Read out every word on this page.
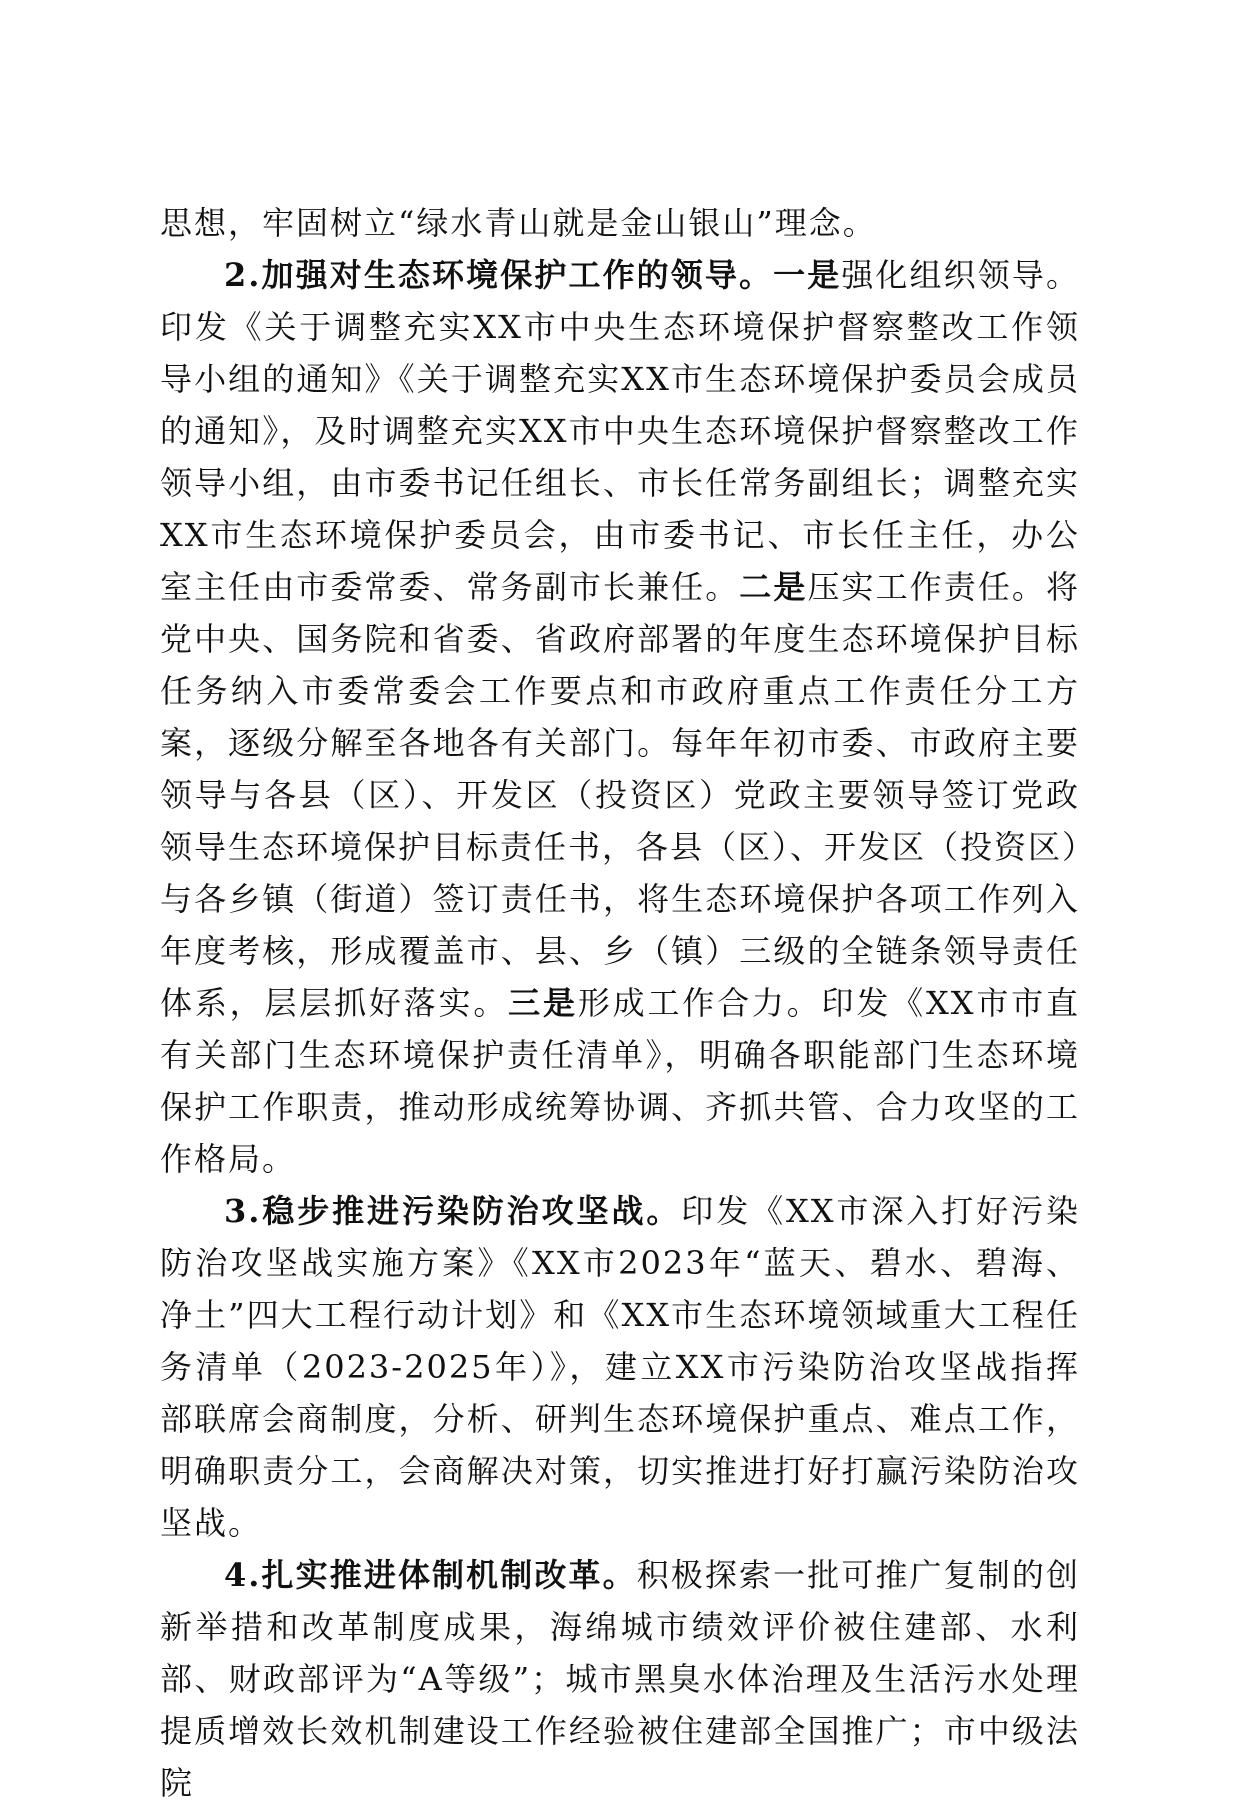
思想，牢固树立“绿水青山就是金山银山”理念。

2.加强对生态环境保护工作的领导。一是强化组织领导。印发《关于调整充实XX市中央生态环境保护督察整改工作领导小组的通知》《关于调整充实XX市生态环境保护委员会成员的通知》，及时调整充实XX市中央生态环境保护督察整改工作领导小组，由市委书记任组长、市长任常务副组长；调整充实XX市生态环境保护委员会，由市委书记、市长任主任，办公室主任由市委常委、常务副市长兼任。二是压实工作责任。将党中央、国务院和省委、省政府部署的年度生态环境保护目标任务纳入市委常委会工作要点和市政府重点工作责任分工方案，逐级分解至各地各有关部门。每年年初市委、市政府主要领导与各县（区）、开发区（投资区）党政主要领导签订党政领导生态环境保护目标责任书，各县（区）、开发区（投资区）与各乡镇（街道）签订责任书，将生态环境保护各项工作列入年度考核，形成覆盖市、县、乡（镇）三级的全链条领导责任体系，层层抓好落实。三是形成工作合力。印发《XX市市直有关部门生态环境保护责任清单》，明确各职能部门生态环境保护工作职责，推动形成统筹协调、齐抓共管、合力攻坚的工作格局。

3.稳步推进污染防治攻坚战。印发《XX市深入打好污染防治攻坚战实施方案》《XX市2023年“蓝天、碧水、碧海、净土”四大工程行动计划》和《XX市生态环境领域重大工程任务清单（2023-2025年）》，建立XX市污染防治攻坚战指挥部联席会商制度，分析、研判生态环境保护重点、难点工作，明确职责分工，会商解决对策，切实推进打好打赢污染防治攻坚战。

4.扎实推进体制机制改革。积极探索一批可推广复制的创新举措和改革制度成果，海绵城市绩效评价被住建部、水利部、财政部评为“A等级”；城市黑臭水体治理及生活污水处理提质增效长效机制建设工作经验被住建部全国推广；市中级法院
